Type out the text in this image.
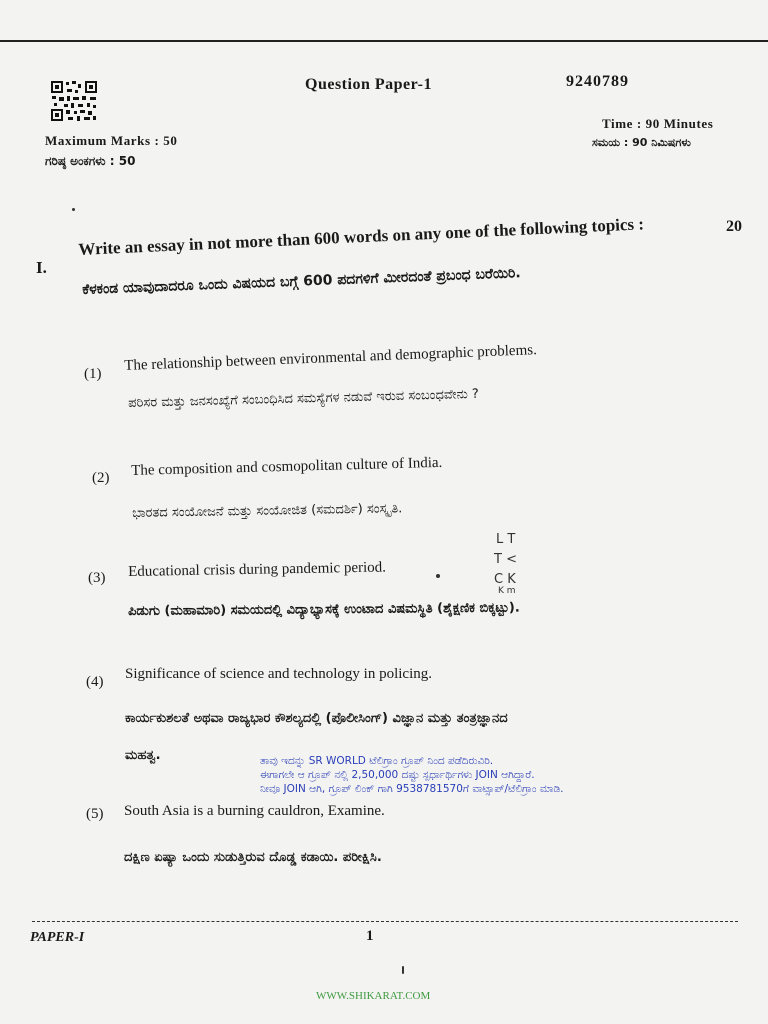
Question Paper-1	9240789
Maximum Marks : 50
ಗರಿಷ್ಠ ಅಂಕಗಳು : 50
Time : 90 Minutes
ಸಮಯ : 90 ನಿಮಿಷಗಳು
I.
Write an essay in not more than 600 words on any one of the following topics :	20
ಕೆಳಕಂಡ ಯಾವುದಾದರೂ ಒಂದು ವಿಷಯದ ಬಗ್ಗೆ 600 ಪದಗಳಿಗೆ ಮೀರದಂತೆ ಪ್ರಬಂಧ ಬರೆಯಿರಿ.
(1)
The relationship between environmental and demographic problems.
ಪರಿಸರ ಮತ್ತು ಜನಸಂಖ್ಯೆಗೆ ಸಂಬಂಧಿಸಿದ ಸಮಸ್ಯೆಗಳ ನಡುವೆ ಇರುವ ಸಂಬಂಧವೇನು ?
(2) The composition and cosmopolitan culture of India.
ಭಾರತದ ಸಂಯೋಜನೆ ಮತ್ತು ಸಂಯೋಜಿತ (ಸಮದರ್ಶಿ) ಸಂಸ್ಕೃತಿ.
(3) Educational crisis during pandemic period.
ಪಿಡುಗು (ಮಹಾಮಾರಿ) ಸಮಯದಲ್ಲಿ ವಿದ್ಯಾಭ್ಯಾಸಕ್ಕೆ ಉಂಟಾದ ವಿಷಮಸ್ಥಿತಿ (ಶೈಕ್ಷಣಿಕ ಬಿಕ್ಕಟ್ಟು).
L T
T <
C K
K m
(4) Significance of science and technology in policing.
ಕಾರ್ಯಕುಶಲತೆ ಅಥವಾ ರಾಜ್ಯಭಾರ ಕೌಶಲ್ಯದಲ್ಲಿ (ಪೊಲೀಸಿಂಗ್) ವಿಜ್ಞಾನ ಮತ್ತು ತಂತ್ರಜ್ಞಾನದ
ಮಹತ್ವ.	ತಾವು ಇದನ್ನು SR WORLD ಟೆಲಿಗ್ರಾಂ ಗ್ರೂಪ್ ನಿಂದ ಪಡೆದಿರುವಿರಿ.
ಈಗಾಗಲೇ ಆ ಗ್ರೂಪ್ ನಲ್ಲಿ 2,50,000 ದಷ್ಟು ಸ್ಪರ್ಧಾರ್ಥಿಗಳು JOIN ಆಗಿದ್ದಾರೆ.
ನೀವೂ JOIN ಆಗಿ, ಗ್ರೂಪ್ ಲಿಂಕ್ ಗಾಗಿ 9538781570ಗೆ ವಾಟ್ಸಾಪ್/ಟೆಲಿಗ್ರಾಂ ಮಾಡಿ.
(5) South Asia is a burning cauldron, Examine.
ದಕ್ಷಿಣ ಏಷ್ಯಾ ಒಂದು ಸುಡುತ್ತಿರುವ ದೊಡ್ಡ ಕಡಾಯಿ. ಪರೀಕ್ಷಿಸಿ.
PAPER-I	1
WWW.SHIKARAT.COM
